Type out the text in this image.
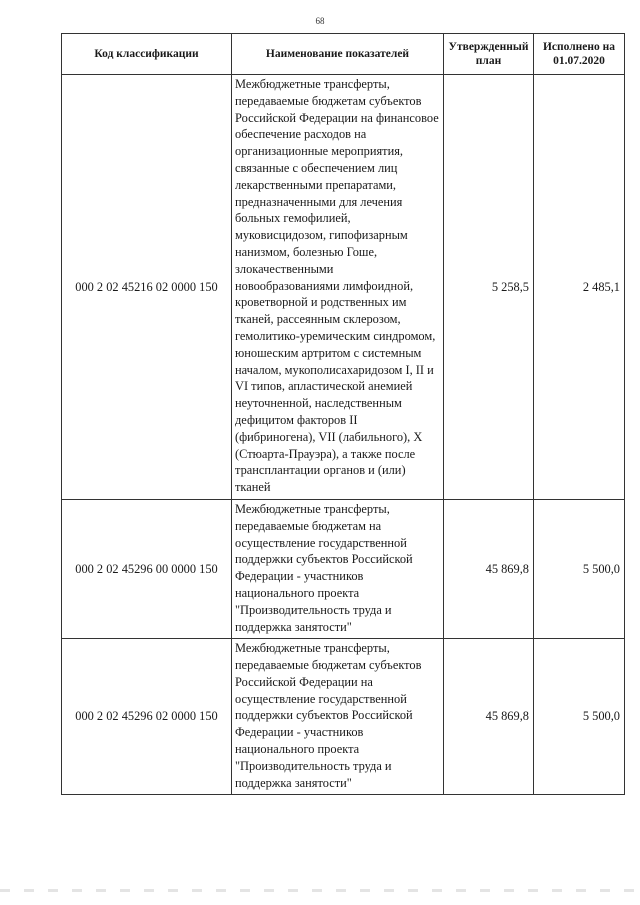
68
Код классификации	Наименование показателей	Утвержденный план	Исполнено на 01.07.2020
000 2 02 45216 02 0000 150	Межбюджетные трансферты, передаваемые бюджетам субъектов Российской Федерации на финансовое обеспечение расходов на организационные мероприятия, связанные с обеспечением лиц лекарственными препаратами, предназначенными для лечения больных гемофилией, муковисцидозом, гипофизарным нанизмом, болезнью Гоше, злокачественными новообразованиями лимфоидной, кроветворной и родственных им тканей, рассеянным склерозом, гемолитико-уремическим синдромом, юношеским артритом с системным началом, мукополисахаридозом I, II и VI типов, апластической анемией неуточненной, наследственным дефицитом факторов II (фибриногена), VII (лабильного), X (Стюарта-Прауэра), а также после трансплантации органов и (или) тканей	5 258,5	2 485,1
000 2 02 45296 00 0000 150	Межбюджетные трансферты, передаваемые бюджетам на осуществление государственной поддержки субъектов Российской Федерации - участников национального проекта "Производительность труда и поддержка занятости"	45 869,8	5 500,0
000 2 02 45296 02 0000 150	Межбюджетные трансферты, передаваемые бюджетам субъектов Российской Федерации на осуществление государственной поддержки субъектов Российской Федерации - участников национального проекта "Производительность труда и поддержка занятости"	45 869,8	5 500,0
